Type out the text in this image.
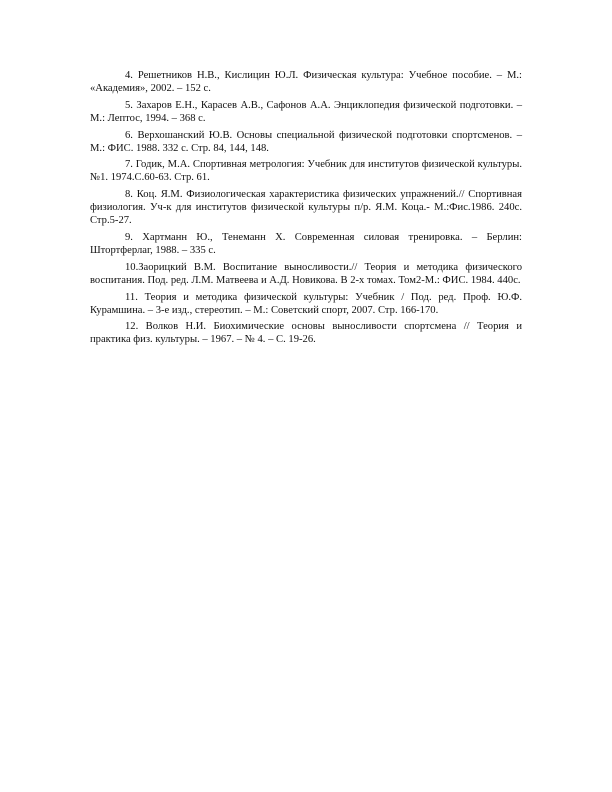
4. Решетников Н.В., Кислицин Ю.Л. Физическая культура: Учебное пособие. – М.: «Академия», 2002. – 152 с.
5. Захаров Е.Н., Карасев А.В., Сафонов А.А. Энциклопедия физической подготовки. – М.: Лептос, 1994. – 368 с.
6. Верхошанский Ю.В. Основы специальной физической подготовки спортсменов. – М.: ФИС. 1988. 332 с. Стр. 84, 144, 148.
7. Годик, М.А. Спортивная метрология: Учебник для институтов физической культуры. №1. 1974.С.60-63. Стр. 61.
8. Коц. Я.М. Физиологическая характеристика физических упражнений.// Спортивная физиология. Уч-к для институтов физической культуры п/р. Я.М. Коца.- М.:Фис.1986. 240с. Стр.5-27.
9. Хартманн Ю., Тенеманн Х. Современная силовая тренировка. – Берлин: Штортферлаг, 1988. – 335 с.
10.Заорицкий В.М. Воспитание выносливости.// Теория и методика физического воспитания. Под. ред. Л.М. Матвеева и А.Д. Новикова. В 2-х томах. Том2-М.: ФИС. 1984. 440с.
11. Теория и методика физической культуры: Учебник / Под. ред. Проф. Ю.Ф. Курамшина. – 3-е изд., стереотип. – М.: Советский спорт, 2007. Стр. 166-170.
12. Волков Н.И. Биохимические основы выносливости спортсмена // Теория и практика физ. культуры. – 1967. – № 4. – С. 19-26.
